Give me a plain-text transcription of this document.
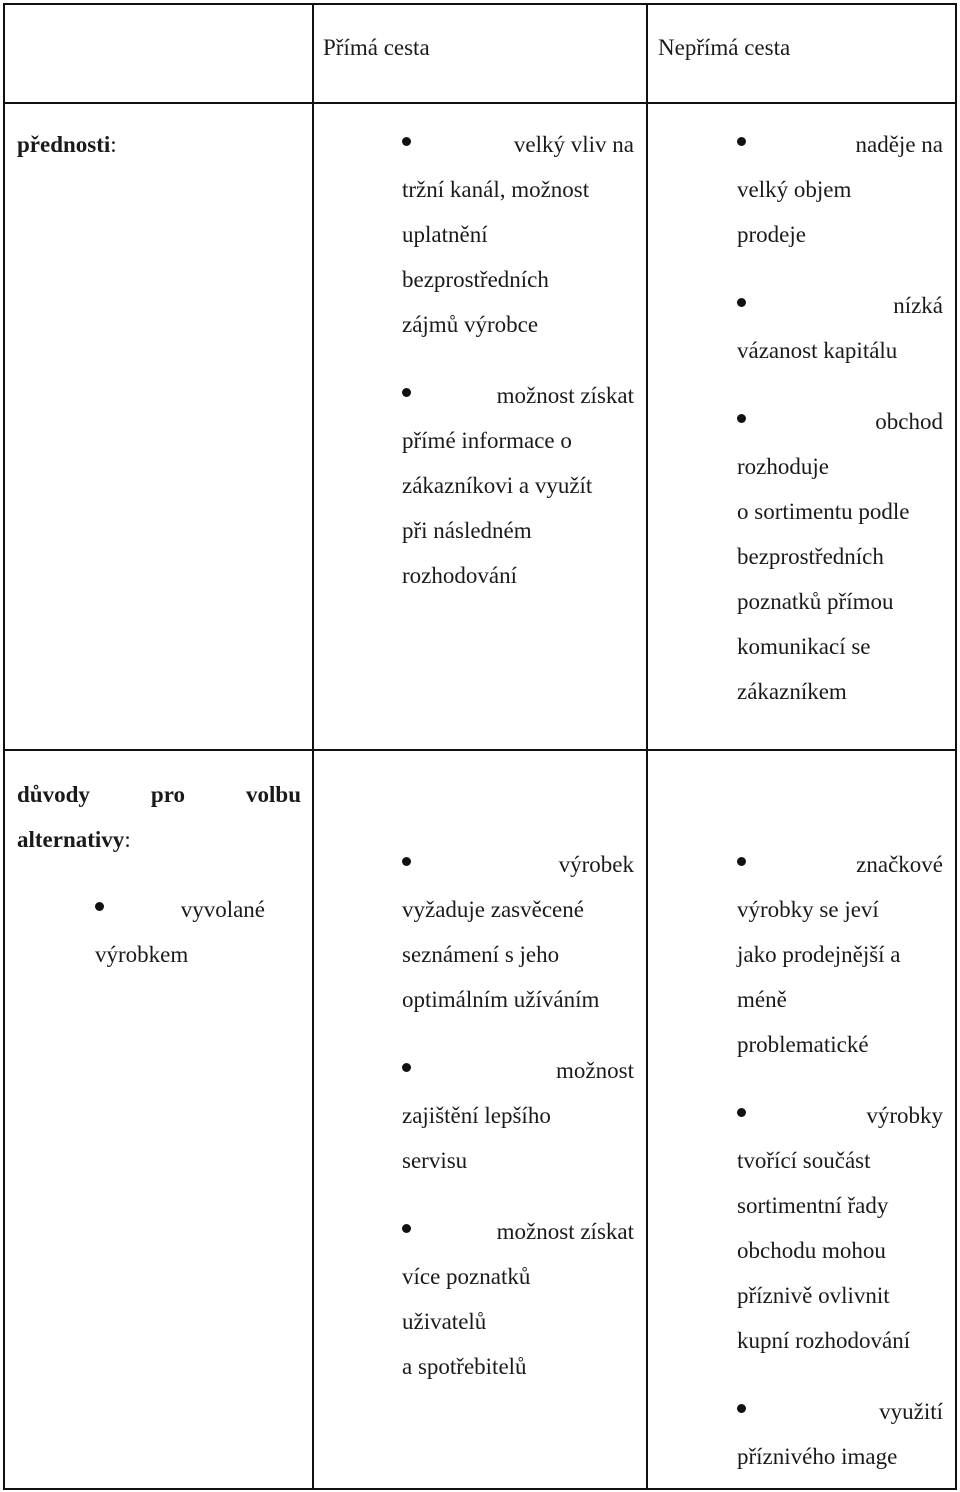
Přímá cesta	Nepřímá cesta
přednosti:	velký vliv na
tržní kanál, možnost
uplatnění
bezprostředních
zájmů výrobce
možnost získat
přímé informace o
zákazníkovi a využít
při následném
rozhodování
naděje na
velký objem
prodeje
nízká
vázanost kapitálu
obchod
rozhoduje
o sortimentu podle
bezprostředních
poznatků přímou
komunikací se
zákazníkem
důvody pro volbu
alternativy:
vyvolané
výrobkem
výrobek
vyžaduje zasvěcené
seznámení s jeho
optimálním užíváním
možnost
zajištění lepšího
servisu
možnost získat
více poznatků
uživatelů
a spotřebitelů
značkové
výrobky se jeví
jako prodejnější a
méně
problematické
výrobky
tvořící součást
sortimentní řady
obchodu mohou
příznivě ovlivnit
kupní rozhodování
využití
příznivého image
